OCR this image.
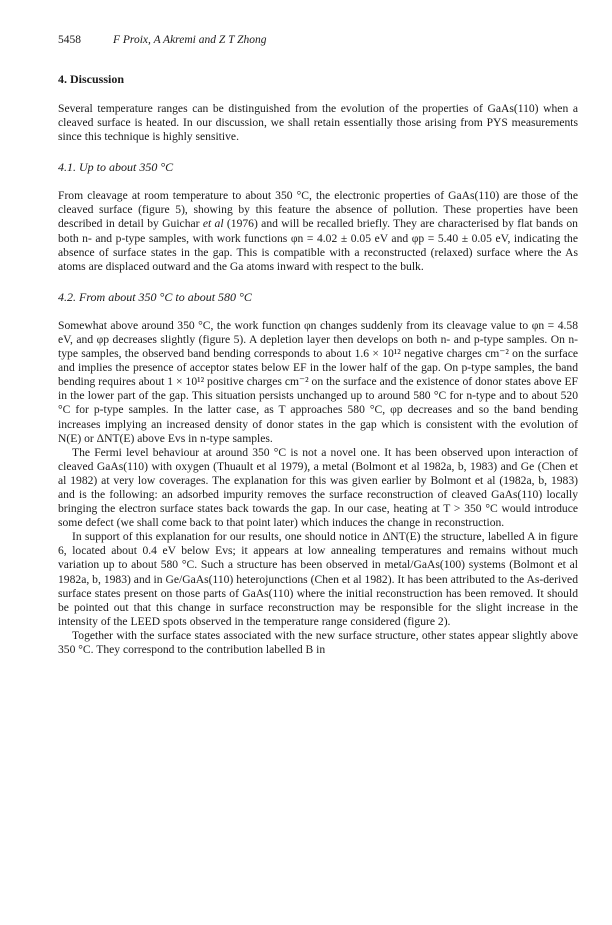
5458	F Proix, A Akremi and Z T Zhong
4. Discussion

Several temperature ranges can be distinguished from the evolution of the properties of GaAs(110) when a cleaved surface is heated. In our discussion, we shall retain essentially those arising from PYS measurements since this technique is highly sensitive.

4.1. Up to about 350 °C

From cleavage at room temperature to about 350 °C, the electronic properties of GaAs(110) are those of the cleaved surface (figure 5), showing by this feature the absence of pollution. These properties have been described in detail by Guichar et al (1976) and will be recalled briefly. They are characterised by flat bands on both n- and p-type samples, with work functions φn = 4.02 ± 0.05 eV and φp = 5.40 ± 0.05 eV, indicating the absence of surface states in the gap. This is compatible with a reconstructed (relaxed) surface where the As atoms are displaced outward and the Ga atoms inward with respect to the bulk.

4.2. From about 350 °C to about 580 °C

Somewhat above around 350 °C, the work function φn changes suddenly from its cleavage value to φn = 4.58 eV, and φp decreases slightly (figure 5). A depletion layer then develops on both n- and p-type samples. On n-type samples, the observed band bending corresponds to about 1.6 × 10¹² negative charges cm⁻² on the surface and implies the presence of acceptor states below EF in the lower half of the gap. On p-type samples, the band bending requires about 1 × 10¹² positive charges cm⁻² on the surface and the existence of donor states above EF in the lower part of the gap. This situation persists unchanged up to around 580 °C for n-type and to about 520 °C for p-type samples. In the latter case, as T approaches 580 °C, φp decreases and so the band bending increases implying an increased density of donor states in the gap which is consistent with the evolution of N(E) or ΔNT(E) above Evs in n-type samples.

The Fermi level behaviour at around 350 °C is not a novel one. It has been observed upon interaction of cleaved GaAs(110) with oxygen (Thuault et al 1979), a metal (Bolmont et al 1982a, b, 1983) and Ge (Chen et al 1982) at very low coverages. The explanation for this was given earlier by Bolmont et al (1982a, b, 1983) and is the following: an adsorbed impurity removes the surface reconstruction of cleaved GaAs(110) locally bringing the electron surface states back towards the gap. In our case, heating at T > 350 °C would introduce some defect (we shall come back to that point later) which induces the change in reconstruction.

In support of this explanation for our results, one should notice in ΔNT(E) the structure, labelled A in figure 6, located about 0.4 eV below Evs; it appears at low annealing temperatures and remains without much variation up to about 580 °C. Such a structure has been observed in metal/GaAs(100) systems (Bolmont et al 1982a, b, 1983) and in Ge/GaAs(110) heterojunctions (Chen et al 1982). It has been attributed to the As-derived surface states present on those parts of GaAs(110) where the initial reconstruction has been removed. It should be pointed out that this change in surface reconstruction may be responsible for the slight increase in the intensity of the LEED spots observed in the temperature range considered (figure 2).

Together with the surface states associated with the new surface structure, other states appear slightly above 350 °C. They correspond to the contribution labelled B in
